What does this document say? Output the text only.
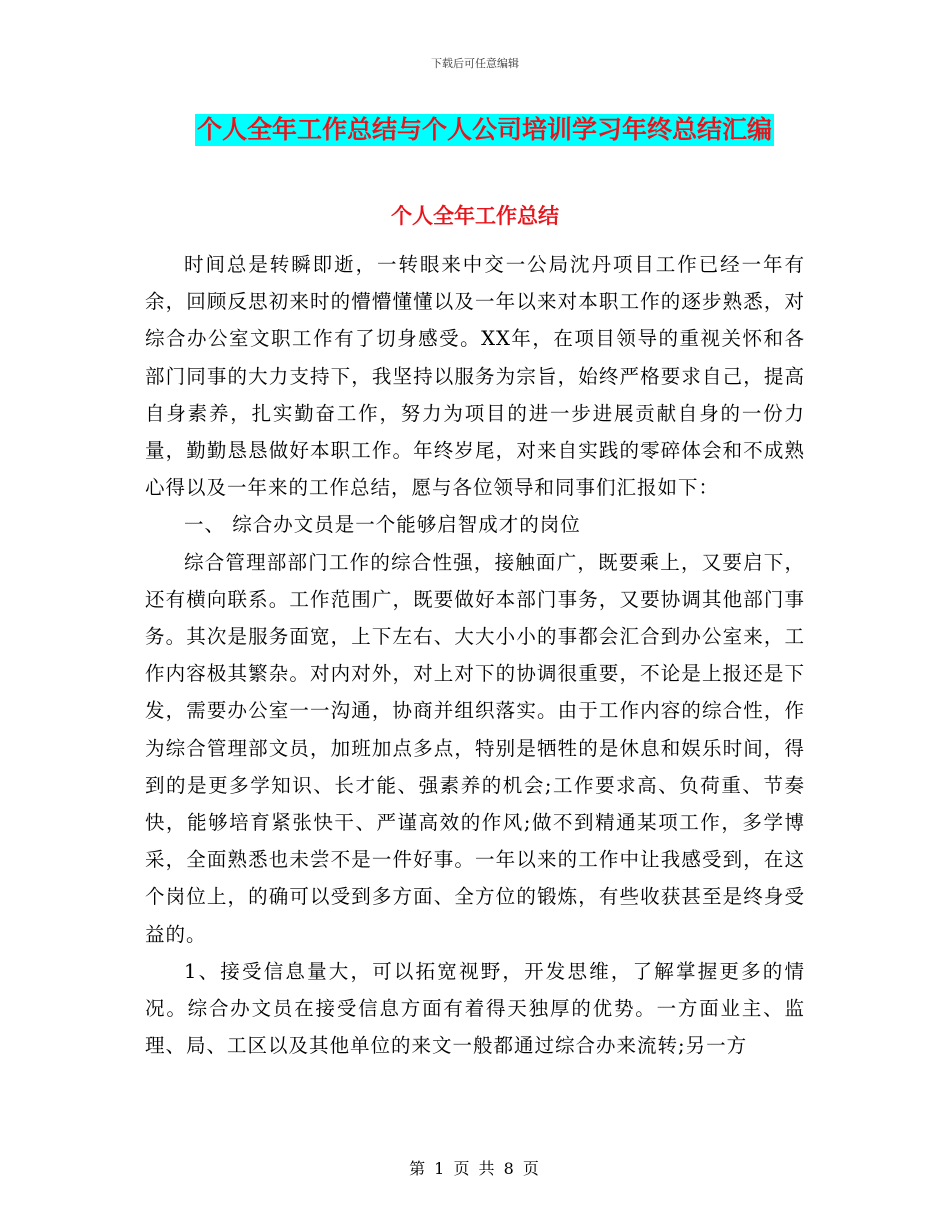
下载后可任意编辑
个人全年工作总结与个人公司培训学习年终总结汇编
个人全年工作总结

时间总是转瞬即逝，一转眼来中交一公局沈丹项目工作已经一年有余，回顾反思初来时的懵懵懂懂以及一年以来对本职工作的逐步熟悉，对综合办公室文职工作有了切身感受。XX年，在项目领导的重视关怀和各部门同事的大力支持下，我坚持以服务为宗旨，始终严格要求自己，提高自身素养，扎实勤奋工作，努力为项目的进一步进展贡献自身的一份力量，勤勤恳恳做好本职工作。年终岁尾，对来自实践的零碎体会和不成熟心得以及一年来的工作总结，愿与各位领导和同事们汇报如下：

一、 综合办文员是一个能够启智成才的岗位

综合管理部部门工作的综合性强，接触面广，既要乘上，又要启下，还有横向联系。工作范围广，既要做好本部门事务，又要协调其他部门事务。其次是服务面宽，上下左右、大大小小的事都会汇合到办公室来，工作内容极其繁杂。对内对外，对上对下的协调很重要，不论是上报还是下发，需要办公室一一沟通，协商并组织落实。由于工作内容的综合性，作为综合管理部文员，加班加点多点，特别是牺牲的是休息和娱乐时间，得到的是更多学知识、长才能、强素养的机会;工作要求高、负荷重、节奏快，能够培育紧张快干、严谨高效的作风;做不到精通某项工作，多学博采，全面熟悉也未尝不是一件好事。一年以来的工作中让我感受到，在这个岗位上，的确可以受到多方面、全方位的锻炼，有些收获甚至是终身受益的。

1、接受信息量大，可以拓宽视野，开发思维，了解掌握更多的情况。综合办文员在接受信息方面有着得天独厚的优势。一方面业主、监理、局、工区以及其他单位的来文一般都通过综合办来流转;另一方

第 1 页 共 8 页
